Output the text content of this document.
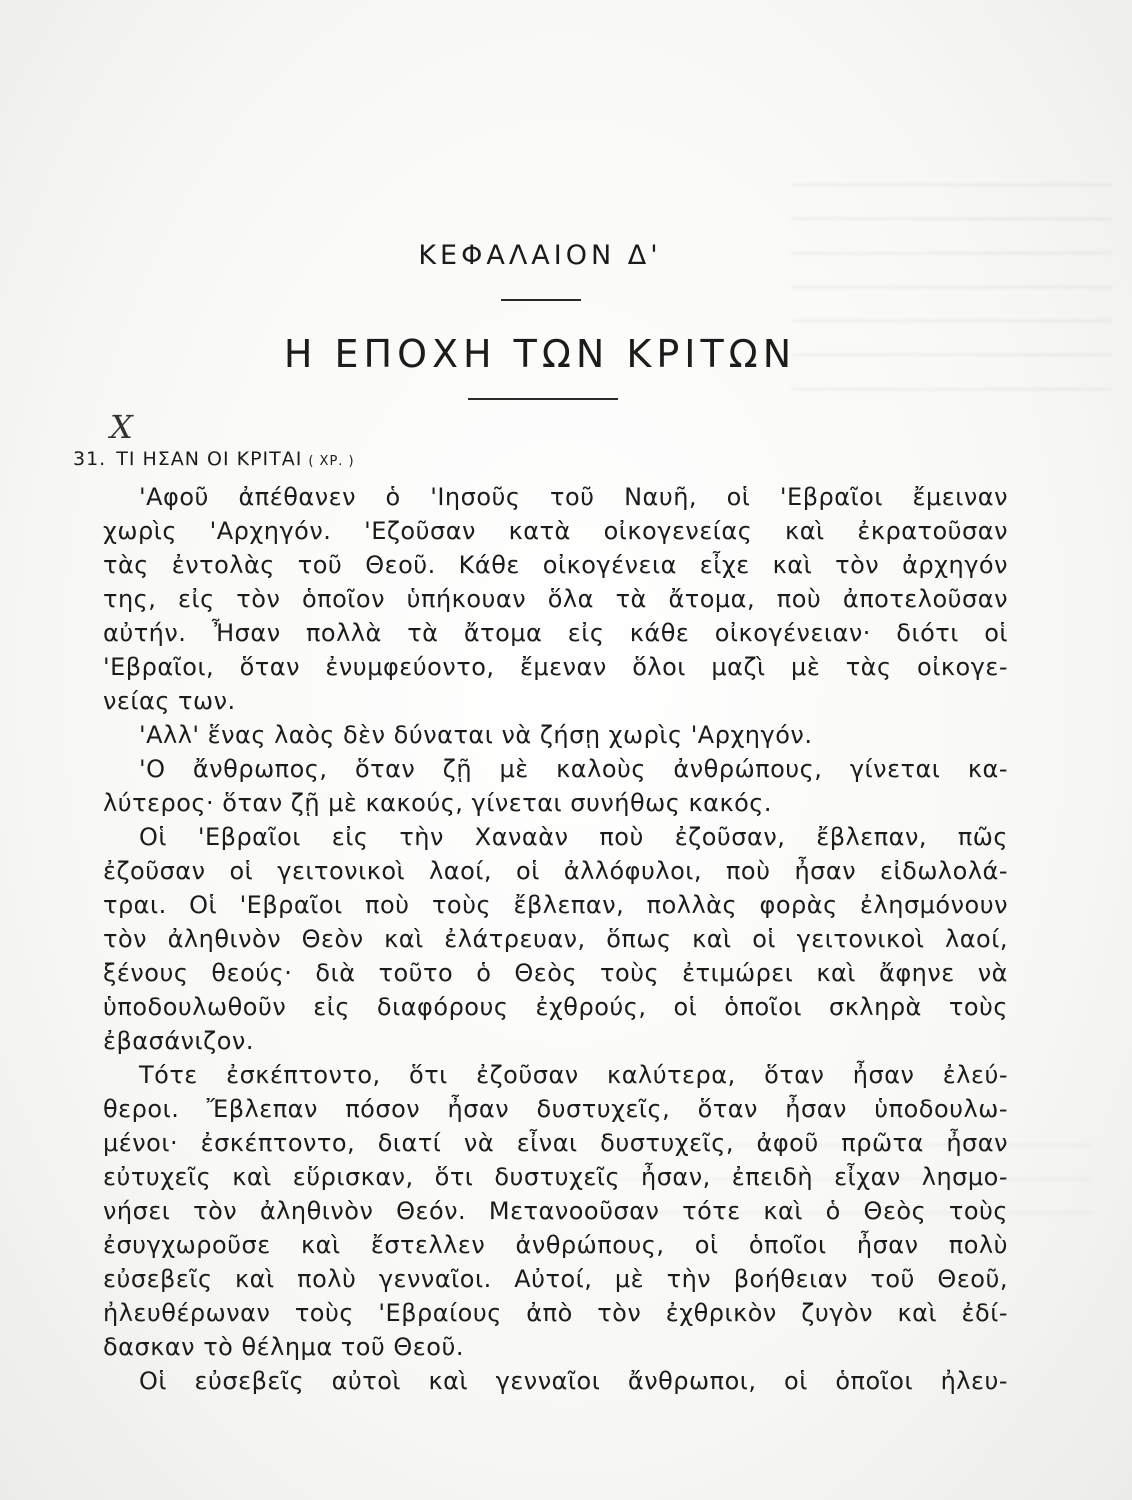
ΚΕΦΑΛΑΙΟΝ Δ'
Η ΕΠΟΧΗ ΤΩΝ ΚΡΙΤΩΝ
X
31. ΤΙ ΗΣΑΝ ΟΙ ΚΡΙΤΑΙ ( ΧΡ. )
'Αφοῦ ἀπέθανεν ὁ 'Ιησοῦς τοῦ Ναυῆ, οἱ 'Εβραῖοι ἔμειναν
χωρὶς 'Αρχηγόν. 'Εζοῦσαν κατὰ οἰκογενείας καὶ ἐκρατοῦσαν
τὰς ἐντολὰς τοῦ Θεοῦ. Κάθε οἰκογένεια εἶχε καὶ τὸν ἀρχηγόν
της, εἰς τὸν ὁποῖον ὑπήκουαν ὅλα τὰ ἄτομα, ποὺ ἀποτελοῦσαν
αὐτήν. Ἦσαν πολλὰ τὰ ἄτομα εἰς κάθε οἰκογένειαν· διότι οἱ
'Εβραῖοι, ὅταν ἐνυμφεύοντο, ἔμεναν ὅλοι μαζὶ μὲ τὰς οἰκογε-
νείας των.
'Αλλ' ἕνας λαὸς δὲν δύναται νὰ ζήσῃ χωρὶς 'Αρχηγόν.
'Ο ἄνθρωπος, ὅταν ζῇ μὲ καλοὺς ἀνθρώπους, γίνεται κα-
λύτερος· ὅταν ζῇ μὲ κακούς, γίνεται συνήθως κακός.
Οἱ 'Εβραῖοι εἰς τὴν Χαναὰν ποὺ ἐζοῦσαν, ἔβλεπαν, πῶς
ἐζοῦσαν οἱ γειτονικοὶ λαοί, οἱ ἀλλόφυλοι, ποὺ ἦσαν εἰδωλολά-
τραι. Οἱ 'Εβραῖοι ποὺ τοὺς ἔβλεπαν, πολλὰς φορὰς ἐλησμόνουν
τὸν ἀληθινὸν Θεὸν καὶ ἐλάτρευαν, ὅπως καὶ οἱ γειτονικοὶ λαοί,
ξένους θεούς· διὰ τοῦτο ὁ Θεὸς τοὺς ἐτιμώρει καὶ ἄφηνε νὰ
ὑποδουλωθοῦν εἰς διαφόρους ἐχθρούς, οἱ ὁποῖοι σκληρὰ τοὺς
ἐβασάνιζον.
Τότε ἐσκέπτοντο, ὅτι ἐζοῦσαν καλύτερα, ὅταν ἦσαν ἐλεύ-
θεροι. Ἔβλεπαν πόσον ἦσαν δυστυχεῖς, ὅταν ἦσαν ὑποδουλω-
μένοι· ἐσκέπτοντο, διατί νὰ εἶναι δυστυχεῖς, ἀφοῦ πρῶτα ἦσαν
εὐτυχεῖς καὶ εὕρισκαν, ὅτι δυστυχεῖς ἦσαν, ἐπειδὴ εἶχαν λησμο-
νήσει τὸν ἀληθινὸν Θεόν. Μετανοοῦσαν τότε καὶ ὁ Θεὸς τοὺς
ἐσυγχωροῦσε καὶ ἔστελλεν ἀνθρώπους, οἱ ὁποῖοι ἦσαν πολὺ
εὐσεβεῖς καὶ πολὺ γενναῖοι. Αὐτοί, μὲ τὴν βοήθειαν τοῦ Θεοῦ,
ἠλευθέρωναν τοὺς 'Εβραίους ἀπὸ τὸν ἐχθρικὸν ζυγὸν καὶ ἐδί-
δασκαν τὸ θέλημα τοῦ Θεοῦ.
Οἱ εὐσεβεῖς αὐτοὶ καὶ γενναῖοι ἄνθρωποι, οἱ ὁποῖοι ἠλευ-
